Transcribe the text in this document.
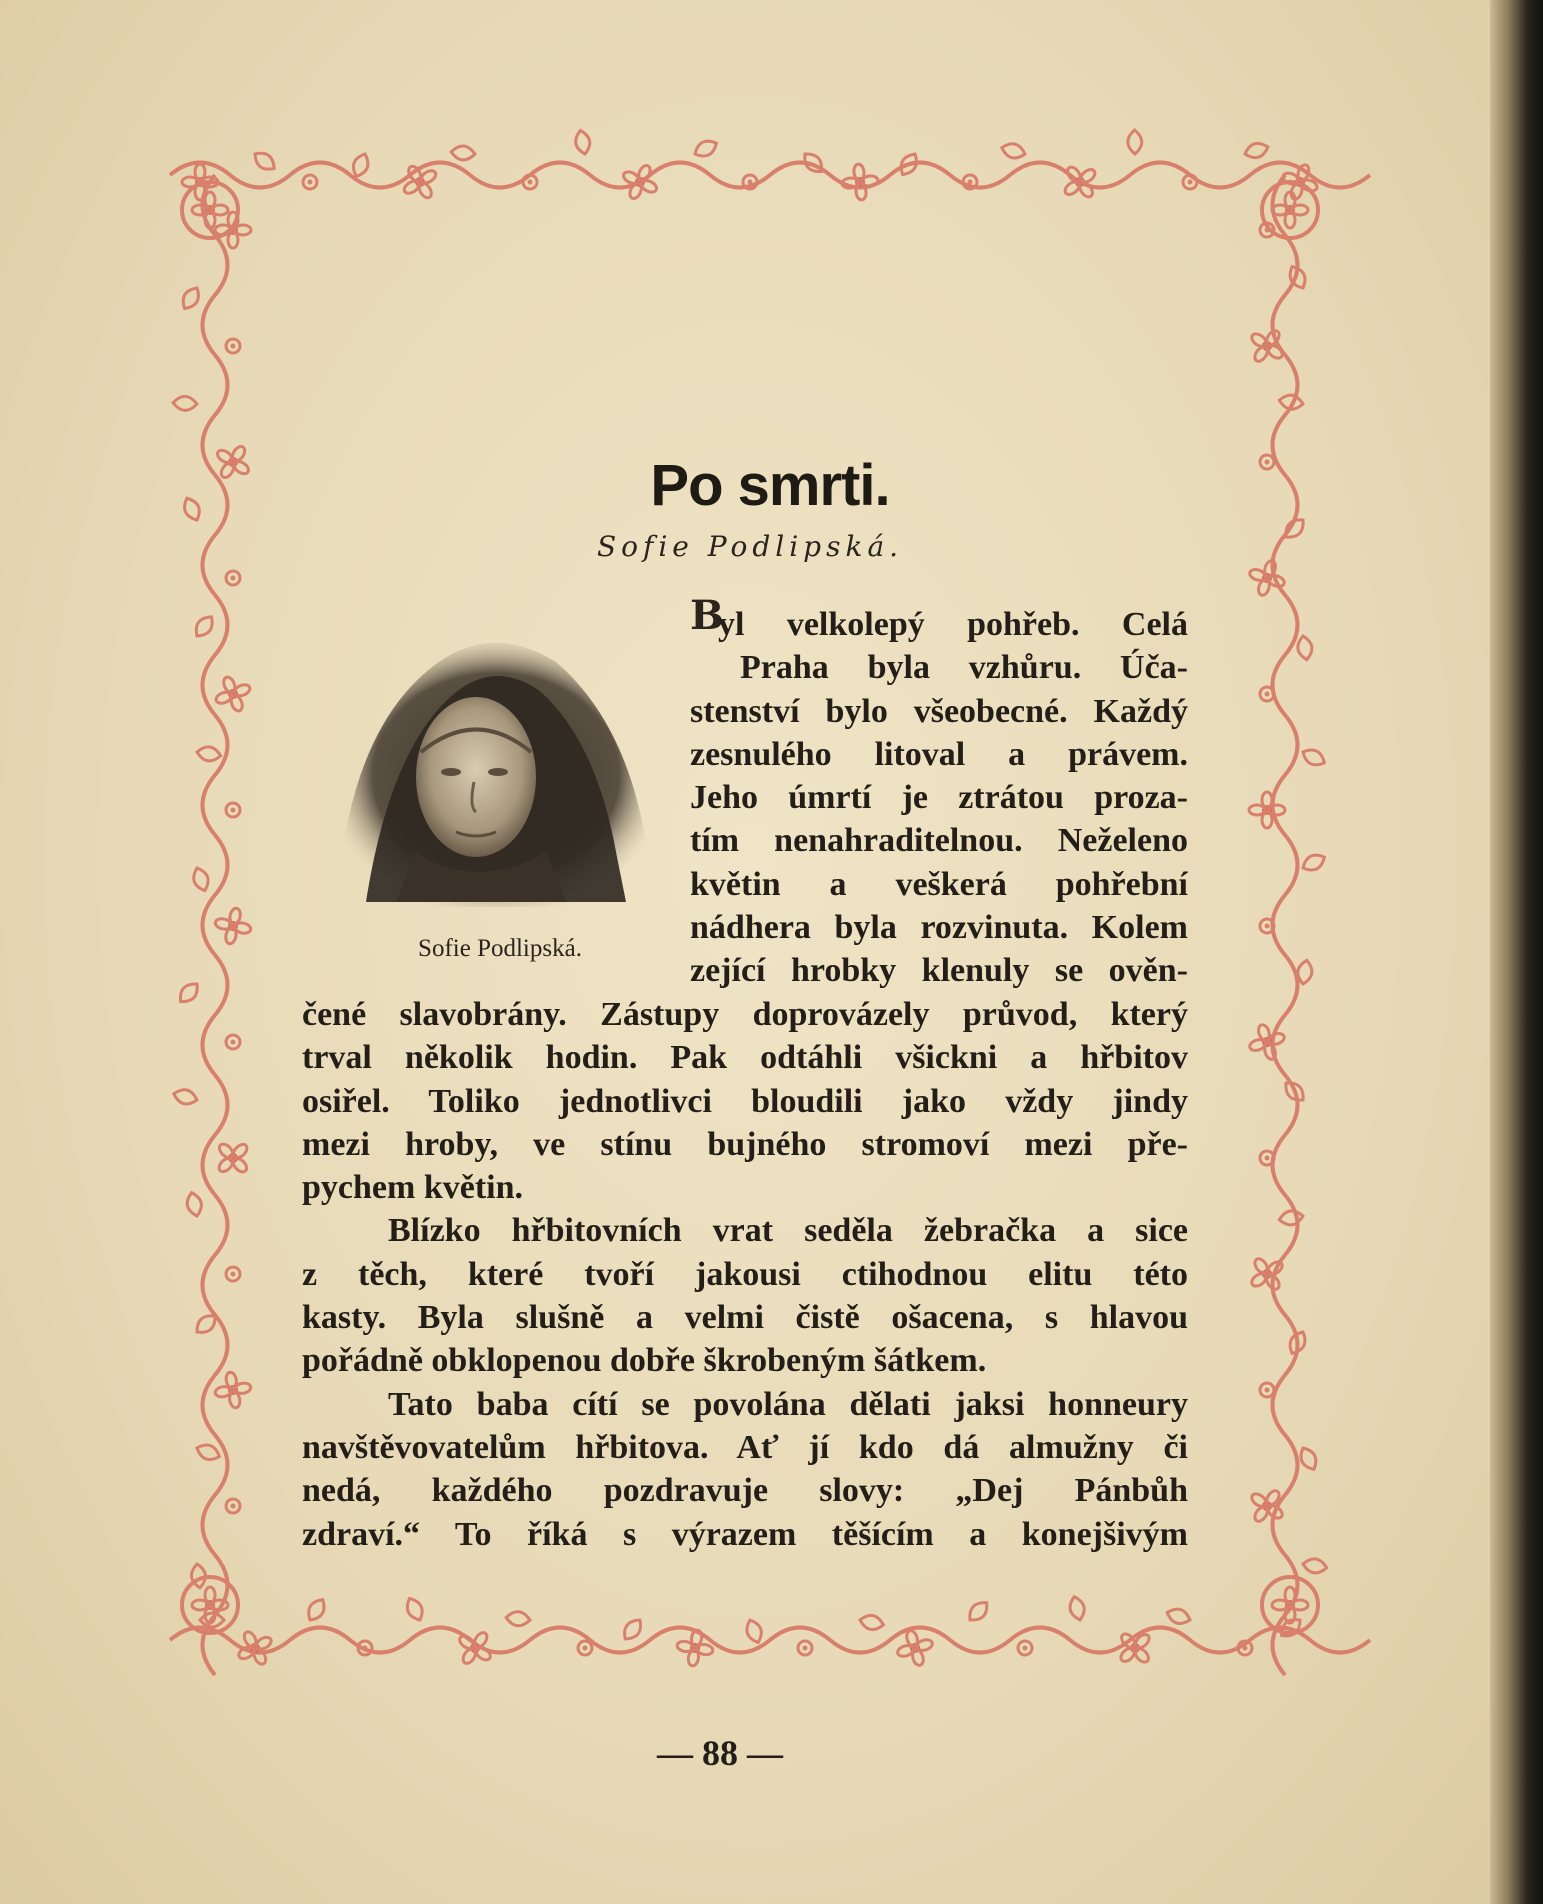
Po smrti.
Sofie Podlipská.
Sofie Podlipská.
B
yl velkolepý pohřeb. Celá
Praha byla vzhůru. Úča-
stenství bylo všeobecné. Každý
zesnulého litoval a právem.
Jeho úmrtí je ztrátou proza-
tím nenahraditelnou. Neželeno
květin a veškerá pohřební
nádhera byla rozvinuta. Kolem
zející hrobky klenuly se ověn-
čené slavobrány. Zástupy doprovázely průvod, který
trval několik hodin. Pak odtáhli všickni a hřbitov
osiřel. Toliko jednotlivci bloudili jako vždy jindy
mezi hroby, ve stínu bujného stromoví mezi pře-
pychem květin.
Blízko hřbitovních vrat seděla žebračka a sice
z těch, které tvoří jakousi ctihodnou elitu této
kasty. Byla slušně a velmi čistě ošacena, s hlavou
pořádně obklopenou dobře škrobeným šátkem.
Tato baba cítí se povolána dělati jaksi honneury
navštěvovatelům hřbitova. Ať jí kdo dá almužny či
nedá, každého pozdravuje slovy: „Dej Pánbůh
zdraví.“ To říká s výrazem těšícím a konejšivým
— 88 —
